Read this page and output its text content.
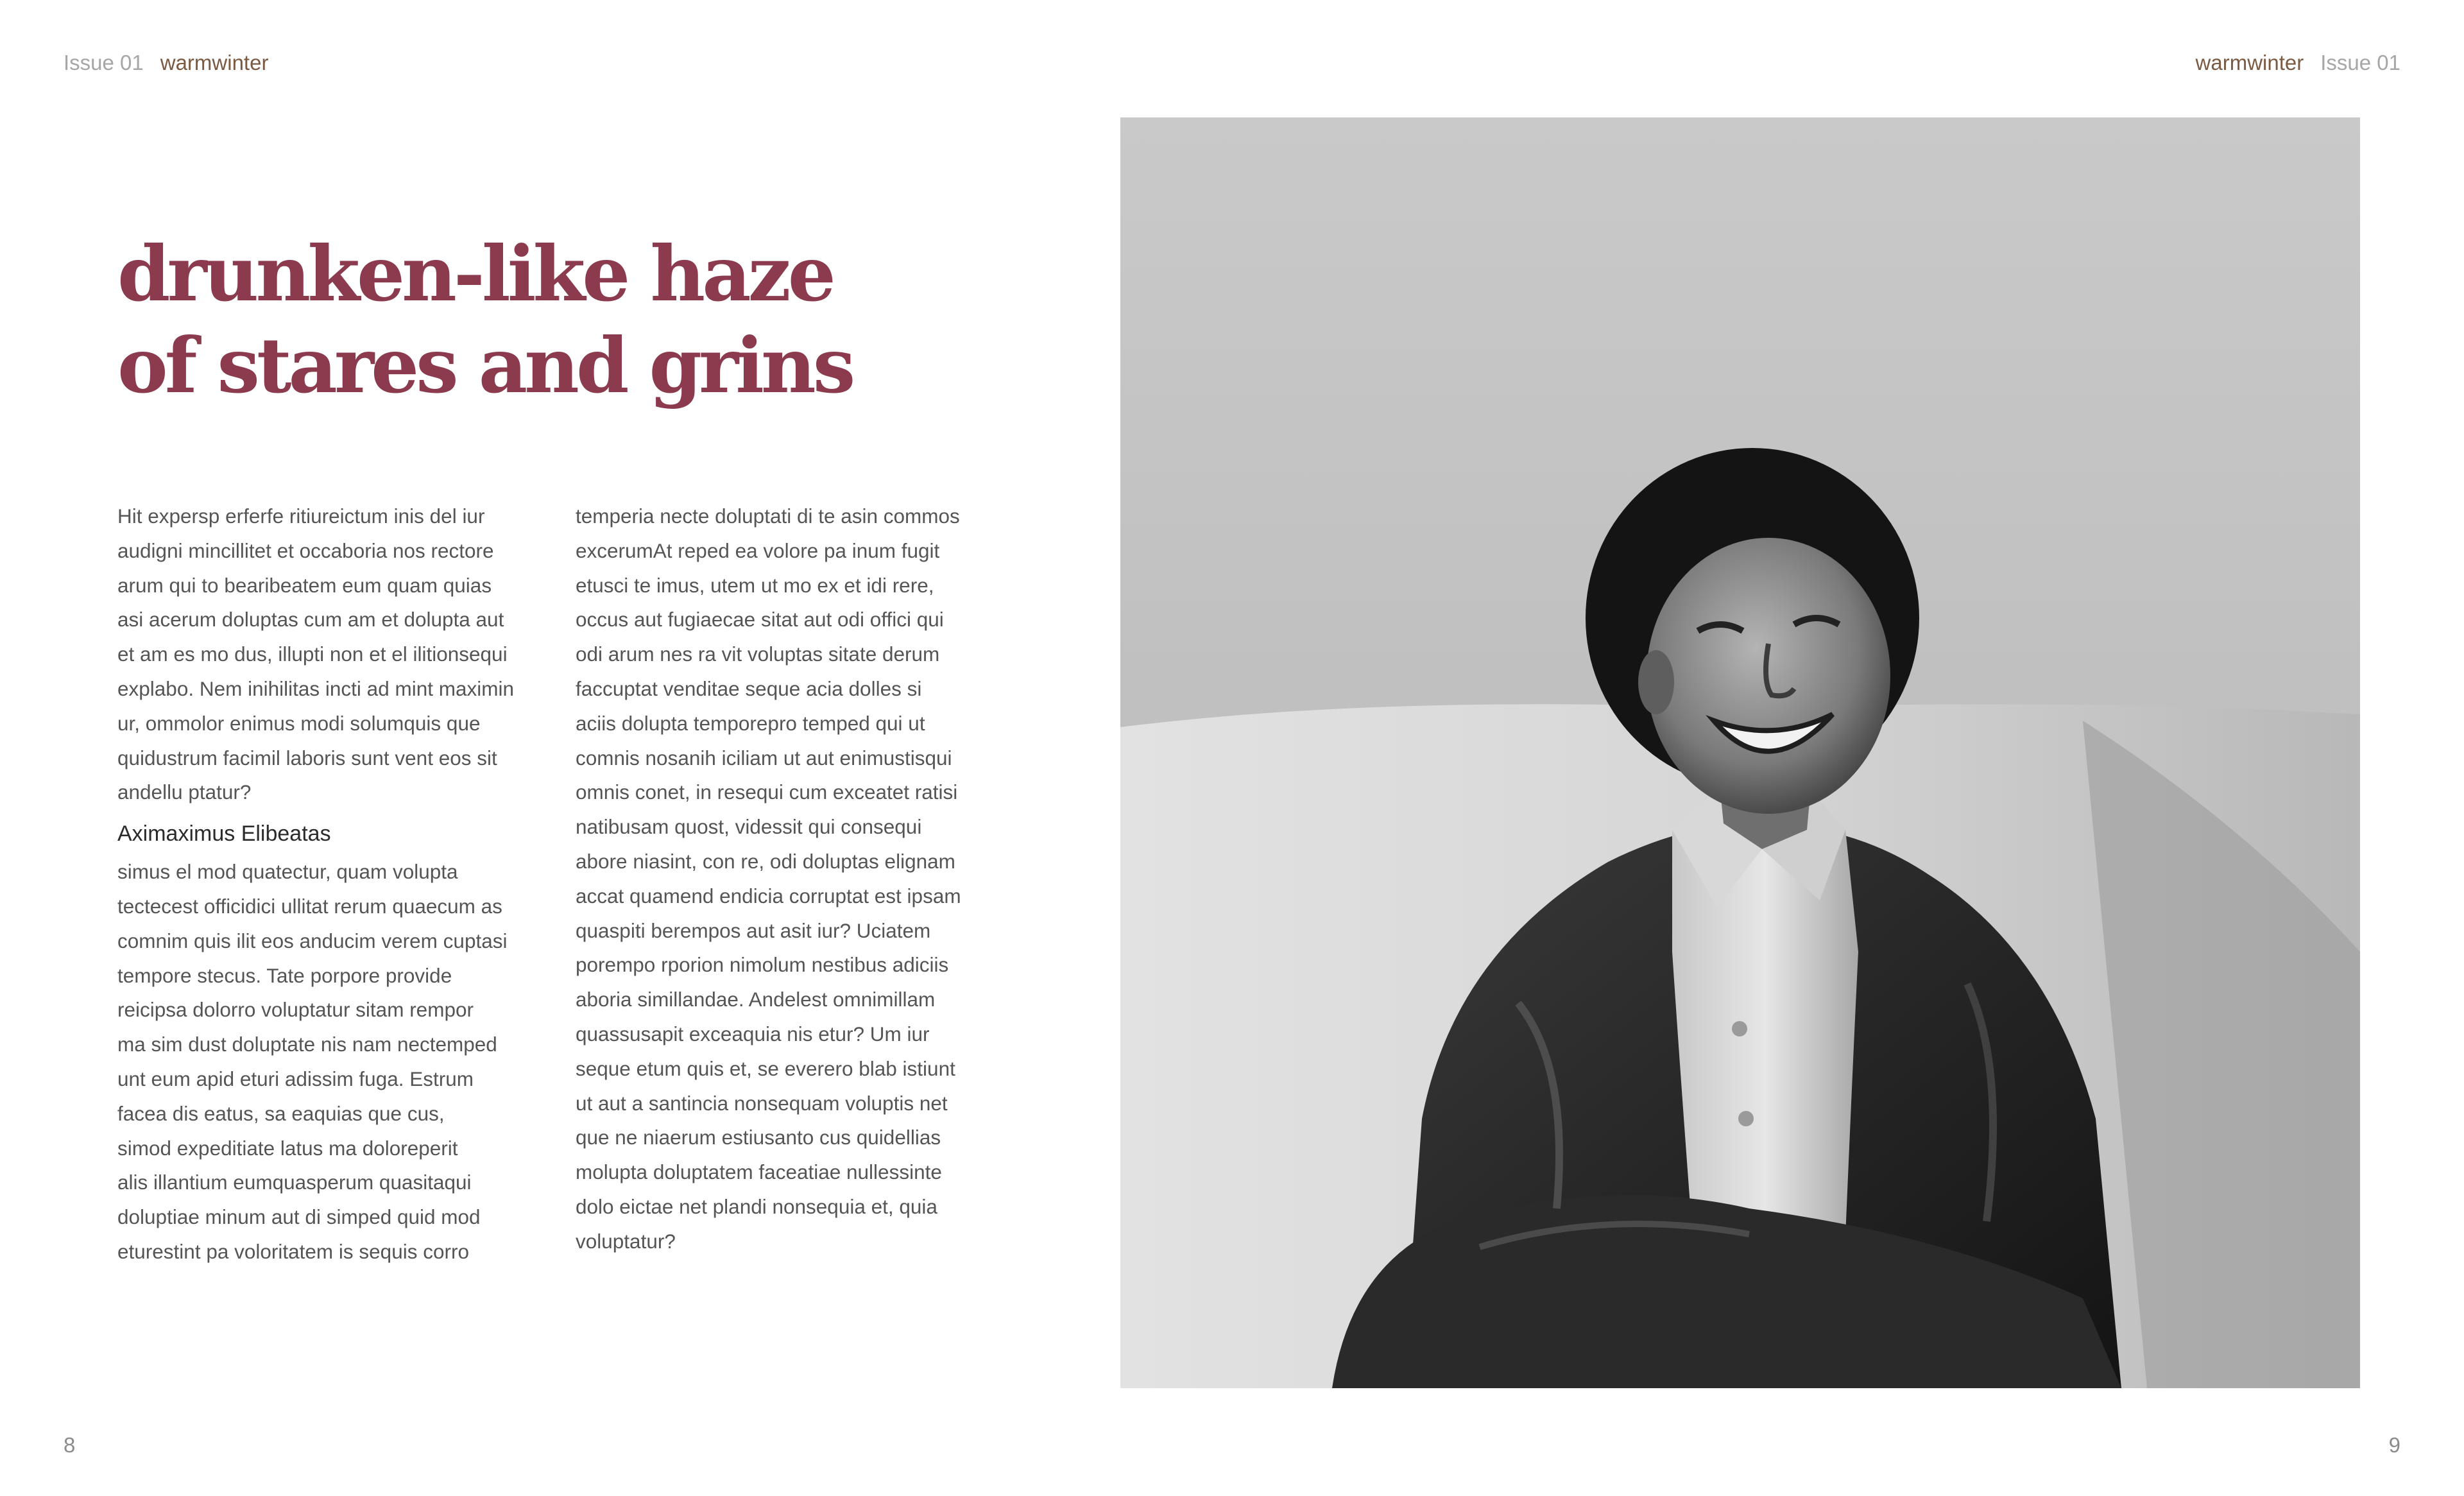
Issue 01 warmwinter	warmwinter Issue 01
drunken-like haze
of stares and grins

Hit expersp erferfe ritiureictum inis del iur
audigni mincillitet et occaboria nos rectore
arum qui to bearibeatem eum quam quias
asi acerum doluptas cum am et dolupta aut
et am es mo dus, illupti non et el ilitionsequi
explabo. Nem inihilitas incti ad mint maximin
ur, ommolor enimus modi solumquis que
quidustrum facimil laboris sunt vent eos sit
andellu ptatur?

Aximaximus Elibeatas

simus el mod quatectur, quam volupta
tectecest officidici ullitat rerum quaecum as
comnim quis ilit eos anducim verem cuptasi
tempore stecus. Tate porpore provide
reicipsa dolorro voluptatur sitam rempor
ma sim dust doluptate nis nam nectemped
unt eum apid eturi adissim fuga. Estrum
facea dis eatus, sa eaquias que cus,
simod expeditiate latus ma doloreperit
alis illantium eumquasperum quasitaqui
doluptiae minum aut di simped quid mod
eturestint pa voloritatem is sequis corro

temperia necte doluptati di te asin commos
excerumAt reped ea volore pa inum fugit
etusci te imus, utem ut mo ex et idi rere,
occus aut fugiaecae sitat aut odi offici qui
odi arum nes ra vit voluptas sitate derum
faccuptat venditae seque acia dolles si
aciis dolupta temporepro temped qui ut
comnis nosanih iciliam ut aut enimustisqui
omnis conet, in resequi cum exceatet ratisi
natibusam quost, videssit qui consequi
abore niasint, con re, odi doluptas elignam
accat quamend endicia corruptat est ipsam
quaspiti berempos aut asit iur? Uciatem
porempo rporion nimolum nestibus adiciis
aboria simillandae. Andelest omnimillam
quassusapit exceaquia nis etur? Um iur
seque etum quis et, se everero blab istiunt
ut aut a santincia nonsequam voluptis net
que ne niaerum estiusanto cus quidellias
molupta doluptatem faceatiae nullessinte
dolo eictae net plandi nonsequia et, quia
voluptatur?

8	9
